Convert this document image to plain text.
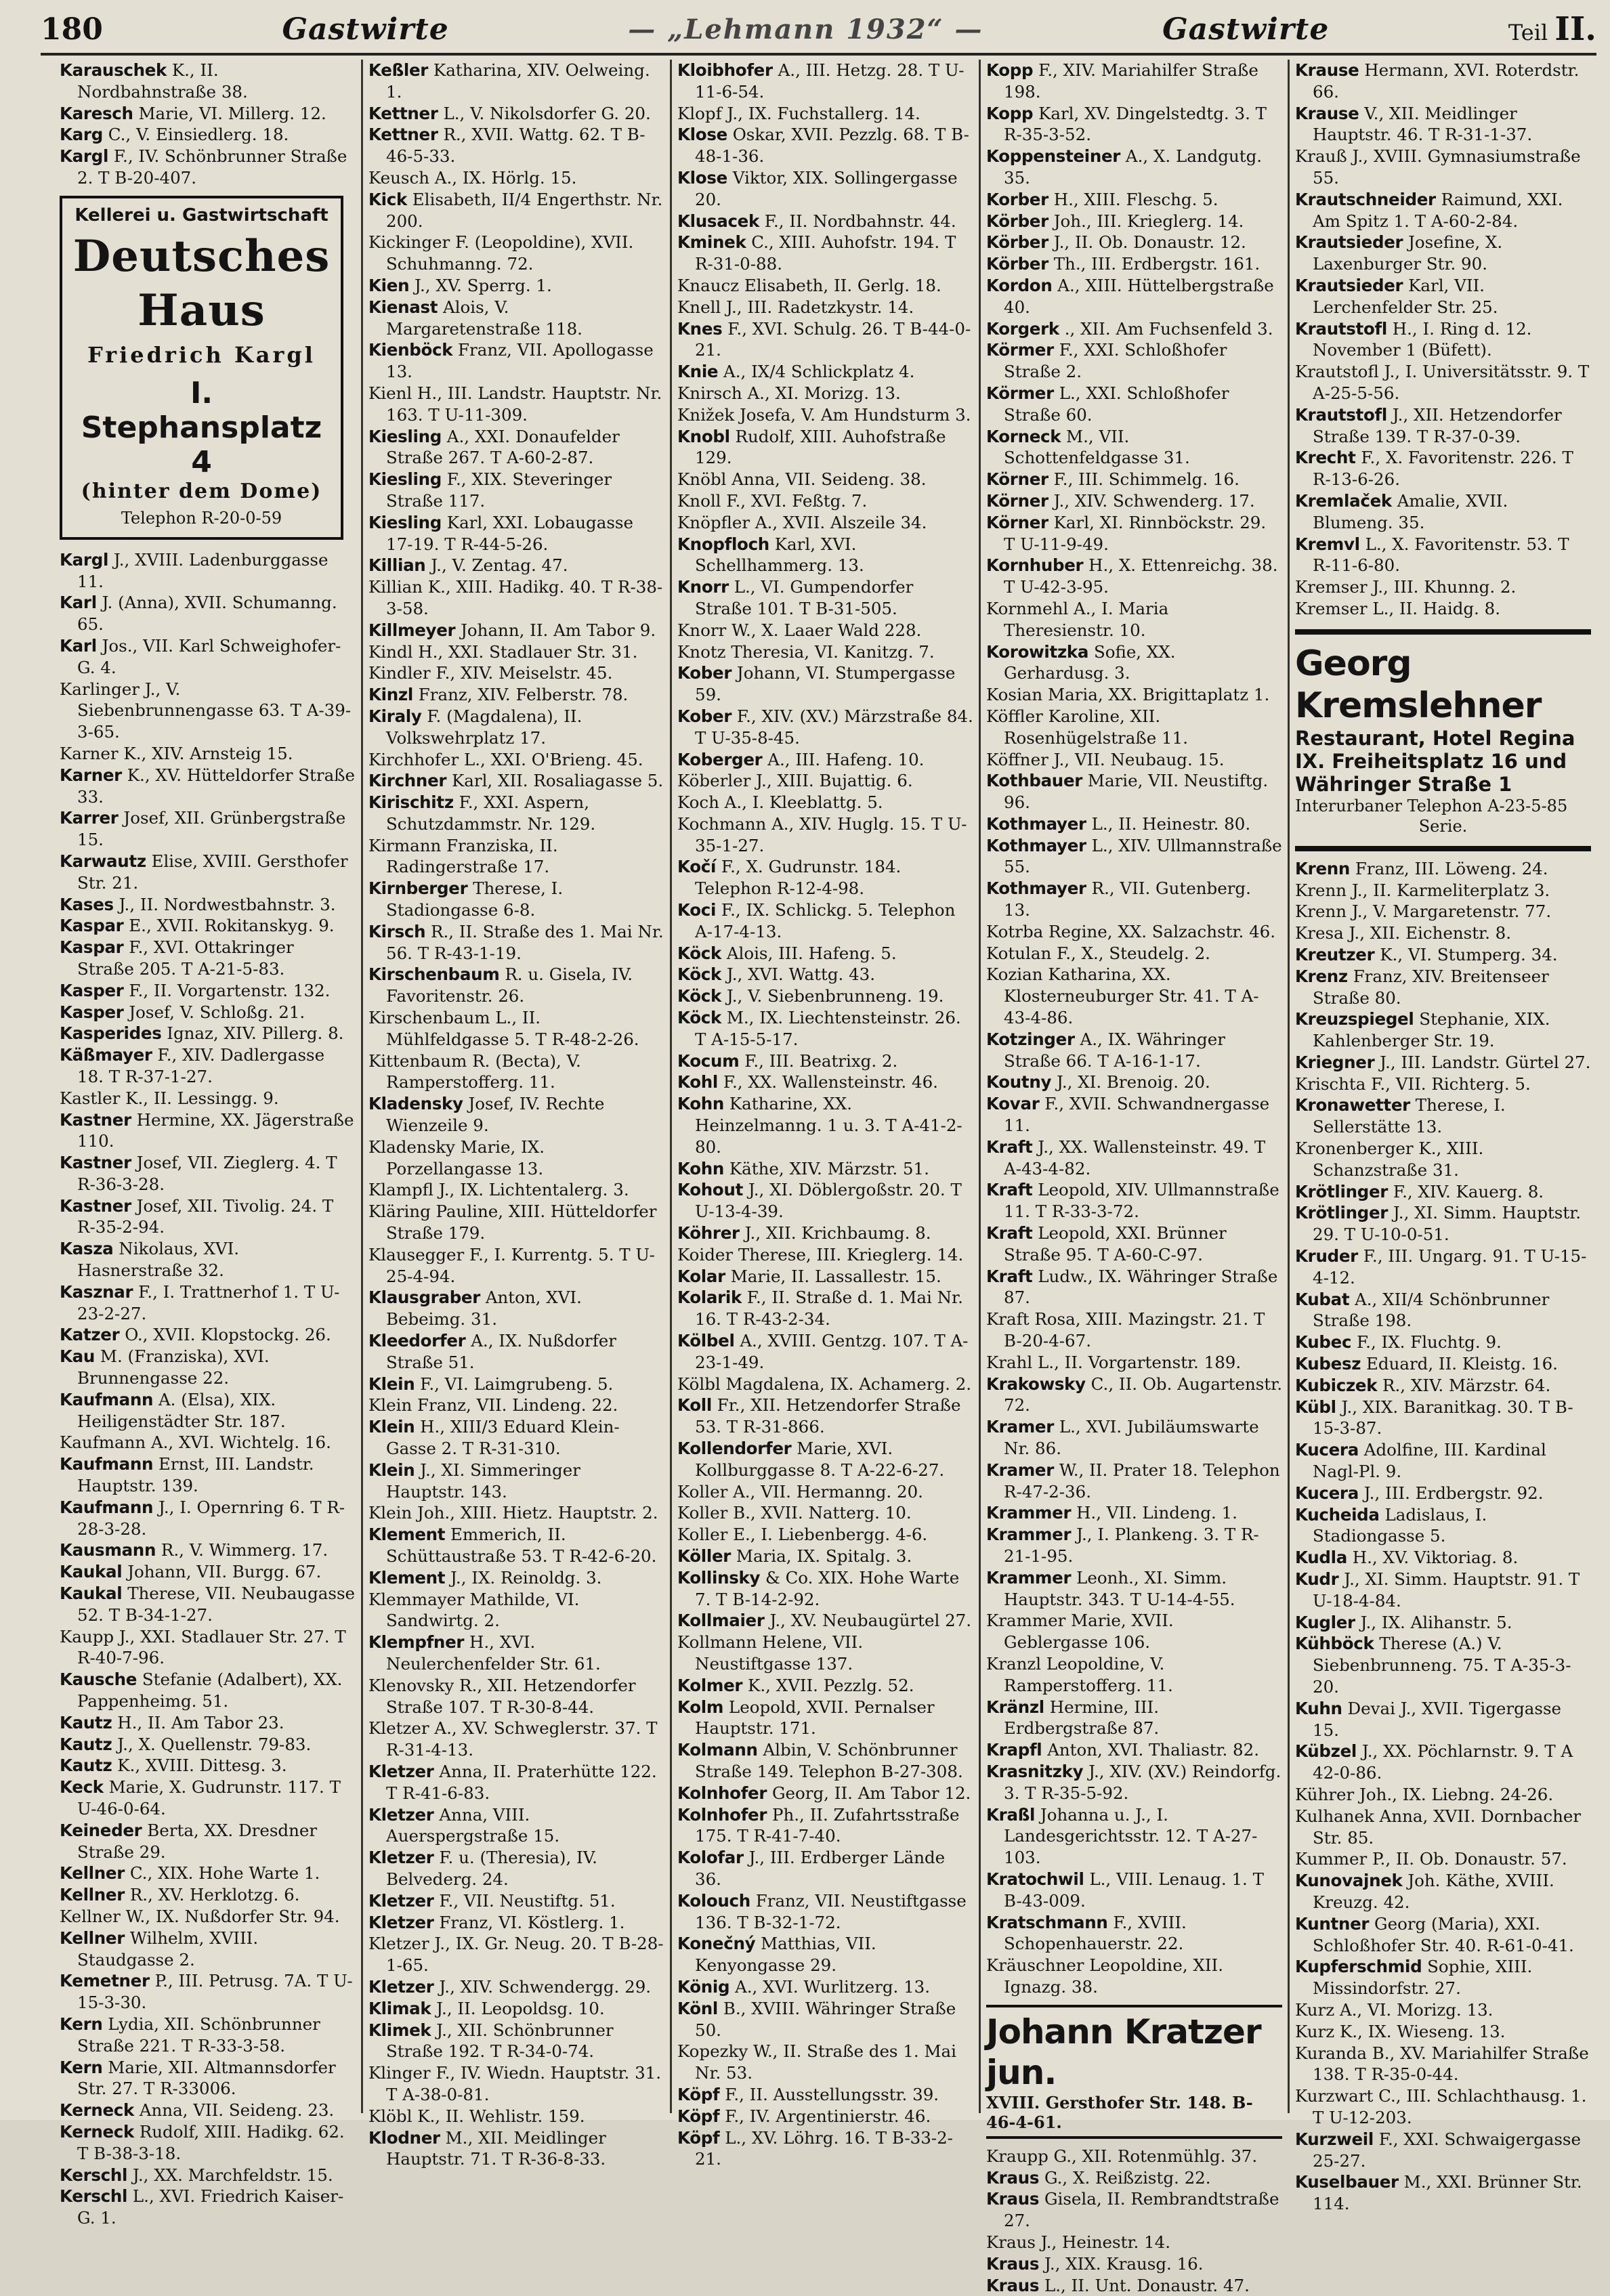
180	Gastwirte	— „Lehmann 1932“ —	Gastwirte	Teil II.

Karauschek K., II. Nordbahnstraße 38.

Karesch Marie, VI. Millerg. 12.

Karg C., V. Einsiedlerg. 18.

Kargl F., IV. Schönbrunner Straße 2. T B-20-407.

Kellerei u. Gastwirtschaft
Deutsches Haus
Friedrich Kargl
I. Stephansplatz 4
(hinter dem Dome)
Telephon R-20-0-59

Kargl J., XVIII. Ladenburggasse 11.

Karl J. (Anna), XVII. Schumanng. 65.

Karl Jos., VII. Karl Schweighofer-G. 4.

Karlinger J., V. Siebenbrunnengasse 63. T A-39-3-65.

Karner K., XIV. Arnsteig 15.

Karner K., XV. Hütteldorfer Straße 33.

Karrer Josef, XII. Grünbergstraße 15.

Karwautz Elise, XVIII. Gersthofer Str. 21.

Kases J., II. Nordwestbahnstr. 3.

Kaspar E., XVII. Rokitanskyg. 9.

Kaspar F., XVI. Ottakringer Straße 205. T A-21-5-83.

Kasper F., II. Vorgartenstr. 132.

Kasper Josef, V. Schloßg. 21.

Kasperides Ignaz, XIV. Pillerg. 8.

Käßmayer F., XIV. Dadlergasse 18. T R-37-1-27.

Kastler K., II. Lessingg. 9.

Kastner Hermine, XX. Jägerstraße 110.

Kastner Josef, VII. Zieglerg. 4. T R-36-3-28.

Kastner Josef, XII. Tivolig. 24. T R-35-2-94.

Kasza Nikolaus, XVI. Hasnerstraße 32.

Kasznar F., I. Trattnerhof 1. T U-23-2-27.

Katzer O., XVII. Klopstockg. 26.

Kau M. (Franziska), XVI. Brunnengasse 22.

Kaufmann A. (Elsa), XIX. Heiligenstädter Str. 187.

Kaufmann A., XVI. Wichtelg. 16.

Kaufmann Ernst, III. Landstr. Hauptstr. 139.

Kaufmann J., I. Opernring 6. T R-28-3-28.

Kausmann R., V. Wimmerg. 17.

Kaukal Johann, VII. Burgg. 67.

Kaukal Therese, VII. Neubaugasse 52. T B-34-1-27.

Kaupp J., XXI. Stadlauer Str. 27. T R-40-7-96.

Kausche Stefanie (Adalbert), XX. Pappenheimg. 51.

Kautz H., II. Am Tabor 23.

Kautz J., X. Quellenstr. 79-83.

Kautz K., XVIII. Dittesg. 3.

Keck Marie, X. Gudrunstr. 117. T U-46-0-64.

Keineder Berta, XX. Dresdner Straße 29.

Kellner C., XIX. Hohe Warte 1.

Kellner R., XV. Herklotzg. 6.

Kellner W., IX. Nußdorfer Str. 94.

Kellner Wilhelm, XVIII. Staudgasse 2.

Kemetner P., III. Petrusg. 7A. T U-15-3-30.

Kern Lydia, XII. Schönbrunner Straße 221. T R-33-3-58.

Kern Marie, XII. Altmannsdorfer Str. 27. T R-33006.

Kerneck Anna, VII. Seideng. 23.

Kerneck Rudolf, XIII. Hadikg. 62. T B-38-3-18.

Kerschl J., XX. Marchfeldstr. 15.

Kerschl L., XVI. Friedrich Kaiser-G. 1.

Keßler Katharina, XIV. Oelweing. 1.

Kettner L., V. Nikolsdorfer G. 20.

Kettner R., XVII. Wattg. 62. T B-46-5-33.

Keusch A., IX. Hörlg. 15.

Kick Elisabeth, II/4 Engerthstr. Nr. 200.

Kickinger F. (Leopoldine), XVII. Schuhmanng. 72.

Kien J., XV. Sperrg. 1.

Kienast Alois, V. Margaretenstraße 118.

Kienböck Franz, VII. Apollogasse 13.

Kienl H., III. Landstr. Hauptstr. Nr. 163. T U-11-309.

Kiesling A., XXI. Donaufelder Straße 267. T A-60-2-87.

Kiesling F., XIX. Steveringer Straße 117.

Kiesling Karl, XXI. Lobaugasse 17-19. T R-44-5-26.

Killian J., V. Zentag. 47.

Killian K., XIII. Hadikg. 40. T R-38-3-58.

Killmeyer Johann, II. Am Tabor 9.

Kindl H., XXI. Stadlauer Str. 31.

Kindler F., XIV. Meiselstr. 45.

Kinzl Franz, XIV. Felberstr. 78.

Kiraly F. (Magdalena), II. Volkswehrplatz 17.

Kirchhofer L., XXI. O'Brieng. 45.

Kirchner Karl, XII. Rosaliagasse 5.

Kirischitz F., XXI. Aspern, Schutzdammstr. Nr. 129.

Kirmann Franziska, II. Radingerstraße 17.

Kirnberger Therese, I. Stadiongasse 6-8.

Kirsch R., II. Straße des 1. Mai Nr. 56. T R-43-1-19.

Kirschenbaum R. u. Gisela, IV. Favoritenstr. 26.

Kirschenbaum L., II. Mühlfeldgasse 5. T R-48-2-26.

Kittenbaum R. (Becta), V. Ramperstofferg. 11.

Kladensky Josef, IV. Rechte Wienzeile 9.

Kladensky Marie, IX. Porzellangasse 13.

Klampfl J., IX. Lichtentalerg. 3.

Kläring Pauline, XIII. Hütteldorfer Straße 179.

Klausegger F., I. Kurrentg. 5. T U-25-4-94.

Klausgraber Anton, XVI. Bebeimg. 31.

Kleedorfer A., IX. Nußdorfer Straße 51.

Klein F., VI. Laimgrubeng. 5.

Klein Franz, VII. Lindeng. 22.

Klein H., XIII/3 Eduard Klein-Gasse 2. T R-31-310.

Klein J., XI. Simmeringer Hauptstr. 143.

Klein Joh., XIII. Hietz. Hauptstr. 2.

Klement Emmerich, II. Schüttaustraße 53. T R-42-6-20.

Klement J., IX. Reinoldg. 3.

Klemmayer Mathilde, VI. Sandwirtg. 2.

Klempfner H., XVI. Neulerchenfelder Str. 61.

Klenovsky R., XII. Hetzendorfer Straße 107. T R-30-8-44.

Kletzer A., XV. Schweglerstr. 37. T R-31-4-13.

Kletzer Anna, II. Praterhütte 122. T R-41-6-83.

Kletzer Anna, VIII. Auerspergstraße 15.

Kletzer F. u. (Theresia), IV. Belvederg. 24.

Kletzer F., VII. Neustiftg. 51.

Kletzer Franz, VI. Köstlerg. 1.

Kletzer J., IX. Gr. Neug. 20. T B-28-1-65.

Kletzer J., XIV. Schwendergg. 29.

Klimak J., II. Leopoldsg. 10.

Klimek J., XII. Schönbrunner Straße 192. T R-34-0-74.

Klinger F., IV. Wiedn. Hauptstr. 31. T A-38-0-81.

Klöbl K., II. Wehlistr. 159.

Klodner M., XII. Meidlinger Hauptstr. 71. T R-36-8-33.

Kloibhofer A., III. Hetzg. 28. T U-11-6-54.

Klopf J., IX. Fuchstallerg. 14.

Klose Oskar, XVII. Pezzlg. 68. T B-48-1-36.

Klose Viktor, XIX. Sollingergasse 20.

Klusacek F., II. Nordbahnstr. 44.

Kminek C., XIII. Auhofstr. 194. T R-31-0-88.

Knaucz Elisabeth, II. Gerlg. 18.

Knell J., III. Radetzkystr. 14.

Knes F., XVI. Schulg. 26. T B-44-0-21.

Knie A., IX/4 Schlickplatz 4.

Knirsch A., XI. Morizg. 13.

Knižek Josefa, V. Am Hundsturm 3.

Knobl Rudolf, XIII. Auhofstraße 129.

Knöbl Anna, VII. Seideng. 38.

Knoll F., XVI. Feßtg. 7.

Knöpfler A., XVII. Alszeile 34.

Knopfloch Karl, XVI. Schellhammerg. 13.

Knorr L., VI. Gumpendorfer Straße 101. T B-31-505.

Knorr W., X. Laaer Wald 228.

Knotz Theresia, VI. Kanitzg. 7.

Kober Johann, VI. Stumpergasse 59.

Kober F., XIV. (XV.) Märzstraße 84. T U-35-8-45.

Koberger A., III. Hafeng. 10.

Köberler J., XIII. Bujattig. 6.

Koch A., I. Kleeblattg. 5.

Kochmann A., XIV. Huglg. 15. T U-35-1-27.

Kočí F., X. Gudrunstr. 184. Telephon R-12-4-98.

Koci F., IX. Schlickg. 5. Telephon A-17-4-13.

Köck Alois, III. Hafeng. 5.

Köck J., XVI. Wattg. 43.

Köck J., V. Siebenbrunneng. 19.

Köck M., IX. Liechtensteinstr. 26. T A-15-5-17.

Kocum F., III. Beatrixg. 2.

Kohl F., XX. Wallensteinstr. 46.

Kohn Katharine, XX. Heinzelmanng. 1 u. 3. T A-41-2-80.

Kohn Käthe, XIV. Märzstr. 51.

Kohout J., XI. Döblergoßstr. 20. T U-13-4-39.

Köhrer J., XII. Krichbaumg. 8.

Koider Therese, III. Krieglerg. 14.

Kolar Marie, II. Lassallestr. 15.

Kolarik F., II. Straße d. 1. Mai Nr. 16. T R-43-2-34.

Kölbel A., XVIII. Gentzg. 107. T A-23-1-49.

Kölbl Magdalena, IX. Achamerg. 2.

Koll Fr., XII. Hetzendorfer Straße 53. T R-31-866.

Kollendorfer Marie, XVI. Kollburggasse 8. T A-22-6-27.

Koller A., VII. Hermanng. 20.

Koller B., XVII. Natterg. 10.

Koller E., I. Liebenbergg. 4-6.

Köller Maria, IX. Spitalg. 3.

Kollinsky & Co. XIX. Hohe Warte 7. T B-14-2-92.

Kollmaier J., XV. Neubaugürtel 27.

Kollmann Helene, VII. Neustiftgasse 137.

Kolmer K., XVII. Pezzlg. 52.

Kolm Leopold, XVII. Pernalser Hauptstr. 171.

Kolmann Albin, V. Schönbrunner Straße 149. Telephon B-27-308.

Kolnhofer Georg, II. Am Tabor 12.

Kolnhofer Ph., II. Zufahrtsstraße 175. T R-41-7-40.

Kolofar J., III. Erdberger Lände 36.

Kolouch Franz, VII. Neustiftgasse 136. T B-32-1-72.

Konečný Matthias, VII. Kenyongasse 29.

König A., XVI. Wurlitzerg. 13.

Könl B., XVIII. Währinger Straße 50.

Kopezky W., II. Straße des 1. Mai Nr. 53.

Köpf F., II. Ausstellungsstr. 39.

Köpf F., IV. Argentinierstr. 46.

Köpf L., XV. Löhrg. 16. T B-33-2-21.

Kopp F., XIV. Mariahilfer Straße 198.

Kopp Karl, XV. Dingelstedtg. 3. T R-35-3-52.

Koppensteiner A., X. Landgutg. 35.

Korber H., XIII. Fleschg. 5.

Körber Joh., III. Krieglerg. 14.

Körber J., II. Ob. Donaustr. 12.

Körber Th., III. Erdbergstr. 161.

Kordon A., XIII. Hüttelbergstraße 40.

Korgerk ., XII. Am Fuchsenfeld 3.

Körmer F., XXI. Schloßhofer Straße 2.

Körmer L., XXI. Schloßhofer Straße 60.

Korneck M., VII. Schottenfeldgasse 31.

Körner F., III. Schimmelg. 16.

Körner J., XIV. Schwenderg. 17.

Körner Karl, XI. Rinnböckstr. 29. T U-11-9-49.

Kornhuber H., X. Ettenreichg. 38. T U-42-3-95.

Kornmehl A., I. Maria Theresienstr. 10.

Korowitzka Sofie, XX. Gerhardusg. 3.

Kosian Maria, XX. Brigittaplatz 1.

Köffler Karoline, XII. Rosenhügelstraße 11.

Köffner J., VII. Neubaug. 15.

Kothbauer Marie, VII. Neustiftg. 96.

Kothmayer L., II. Heinestr. 80.

Kothmayer L., XIV. Ullmannstraße 55.

Kothmayer R., VII. Gutenberg. 13.

Kotrba Regine, XX. Salzachstr. 46.

Kotulan F., X., Steudelg. 2.

Kozian Katharina, XX. Klosterneuburger Str. 41. T A-43-4-86.

Kotzinger A., IX. Währinger Straße 66. T A-16-1-17.

Koutny J., XI. Brenoig. 20.

Kovar F., XVII. Schwandnergasse 11.

Kraft J., XX. Wallensteinstr. 49. T A-43-4-82.

Kraft Leopold, XIV. Ullmannstraße 11. T R-33-3-72.

Kraft Leopold, XXI. Brünner Straße 95. T A-60-C-97.

Kraft Ludw., IX. Währinger Straße 87.

Kraft Rosa, XIII. Mazingstr. 21. T B-20-4-67.

Krahl L., II. Vorgartenstr. 189.

Krakowsky C., II. Ob. Augartenstr. 72.

Kramer L., XVI. Jubiläumswarte Nr. 86.

Kramer W., II. Prater 18. Telephon R-47-2-36.

Krammer H., VII. Lindeng. 1.

Krammer J., I. Plankeng. 3. T R-21-1-95.

Krammer Leonh., XI. Simm. Hauptstr. 343. T U-14-4-55.

Krammer Marie, XVII. Geblergasse 106.

Kranzl Leopoldine, V. Ramperstofferg. 11.

Kränzl Hermine, III. Erdbergstraße 87.

Krapfl Anton, XVI. Thaliastr. 82.

Krasnitzky J., XIV. (XV.) Reindorfg. 3. T R-35-5-92.

Kraßl Johanna u. J., I. Landesgerichtsstr. 12. T A-27-103.

Kratochwil L., VIII. Lenaug. 1. T B-43-009.

Kratschmann F., XVIII. Schopenhauerstr. 22.

Kräuschner Leopoldine, XII. Ignazg. 38.

Johann Kratzer jun.
XVIII. Gersthofer Str. 148. B-46-4-61.

Kraupp G., XII. Rotenmühlg. 37.

Kraus G., X. Reißzistg. 22.

Kraus Gisela, II. Rembrandtstraße 27.

Kraus J., Heinestr. 14.

Kraus J., XIX. Krausg. 16.

Kraus L., II. Unt. Donaustr. 47.

Krause Hermann, XVI. Roterdstr. 66.

Krause V., XII. Meidlinger Hauptstr. 46. T R-31-1-37.

Krauß J., XVIII. Gymnasiumstraße 55.

Krautschneider Raimund, XXI. Am Spitz 1. T A-60-2-84.

Krautsieder Josefine, X. Laxenburger Str. 90.

Krautsieder Karl, VII. Lerchenfelder Str. 25.

Krautstofl H., I. Ring d. 12. November 1 (Büfett).

Krautstofl J., I. Universitätsstr. 9. T A-25-5-56.

Krautstofl J., XII. Hetzendorfer Straße 139. T R-37-0-39.

Krecht F., X. Favoritenstr. 226. T R-13-6-26.

Kremlaček Amalie, XVII. Blumeng. 35.

Kremvl L., X. Favoritenstr. 53. T R-11-6-80.

Kremser J., III. Khunng. 2.

Kremser L., II. Haidg. 8.

Georg Kremslehner
Restaurant, Hotel Regina
IX. Freiheitsplatz 16 und Währinger Straße 1
Interurbaner Telephon A-23-5-85
Serie.

Krenn Franz, III. Löweng. 24.

Krenn J., II. Karmeliterplatz 3.

Krenn J., V. Margaretenstr. 77.

Kresa J., XII. Eichenstr. 8.

Kreutzer K., VI. Stumperg. 34.

Krenz Franz, XIV. Breitenseer Straße 80.

Kreuzspiegel Stephanie, XIX. Kahlenberger Str. 19.

Kriegner J., III. Landstr. Gürtel 27.

Krischta F., VII. Richterg. 5.

Kronawetter Therese, I. Sellerstätte 13.

Kronenberger K., XIII. Schanzstraße 31.

Krötlinger F., XIV. Kauerg. 8.

Krötlinger J., XI. Simm. Hauptstr. 29. T U-10-0-51.

Kruder F., III. Ungarg. 91. T U-15-4-12.

Kubat A., XII/4 Schönbrunner Straße 198.

Kubec F., IX. Fluchtg. 9.

Kubesz Eduard, II. Kleistg. 16.

Kubiczek R., XIV. Märzstr. 64.

Kübl J., XIX. Baranitkag. 30. T B-15-3-87.

Kucera Adolfine, III. Kardinal Nagl-Pl. 9.

Kucera J., III. Erdbergstr. 92.

Kucheida Ladislaus, I. Stadiongasse 5.

Kudla H., XV. Viktoriag. 8.

Kudr J., XI. Simm. Hauptstr. 91. T U-18-4-84.

Kugler J., IX. Alihanstr. 5.

Kühböck Therese (A.) V. Siebenbrunneng. 75. T A-35-3-20.

Kuhn Devai J., XVII. Tigergasse 15.

Kübzel J., XX. Pöchlarnstr. 9. T A 42-0-86.

Kührer Joh., IX. Liebng. 24-26.

Kulhanek Anna, XVII. Dornbacher Str. 85.

Kummer P., II. Ob. Donaustr. 57.

Kunovajnek Joh. Käthe, XVIII. Kreuzg. 42.

Kuntner Georg (Maria), XXI. Schloßhofer Str. 40. R-61-0-41.

Kupferschmid Sophie, XIII. Missindorfstr. 27.

Kurz A., VI. Morizg. 13.

Kurz K., IX. Wieseng. 13.

Kuranda B., XV. Mariahilfer Straße 138. T R-35-0-44.

Kurzwart C., III. Schlachthausg. 1. T U-12-203.

Kurzweil F., XXI. Schwaigergasse 25-27.

Kuselbauer M., XXI. Brünner Str. 114.
